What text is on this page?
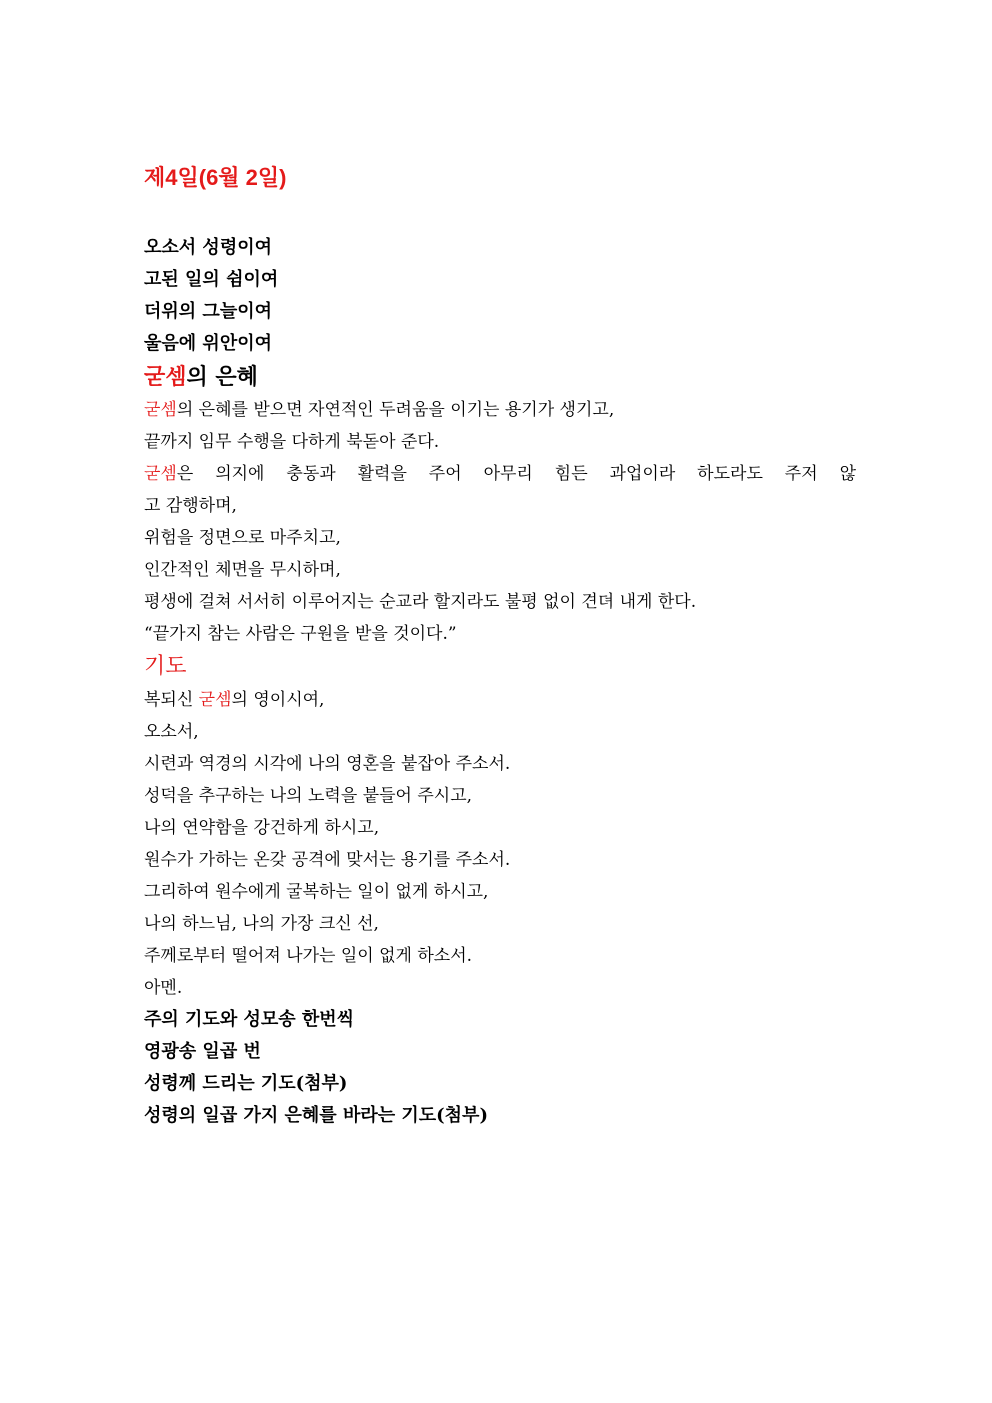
제4일(6월 2일)
오소서 성령이여
고된 일의 쉼이여
더위의 그늘이여
울음에 위안이여
굳셈의 은혜
굳셈의 은혜를 받으면 자연적인 두려움을 이기는 용기가 생기고,
끝까지 임무 수행을 다하게 북돋아 준다.
굳셈은 의지에 충동과 활력을 주어 아무리 힘든 과업이라 하도라도 주저 않
고 감행하며,
위험을 정면으로 마주치고,
인간적인 체면을 무시하며,
평생에 걸쳐 서서히 이루어지는 순교라 할지라도 불평 없이 견뎌 내게 한다.
“끝가지 참는 사람은 구원을 받을 것이다.”
기도
복되신 굳셈의 영이시여,
오소서,
시련과 역경의 시각에 나의 영혼을 붙잡아 주소서.
성덕을 추구하는 나의 노력을 붙들어 주시고,
나의 연약함을 강건하게 하시고,
원수가 가하는 온갖 공격에 맞서는 용기를 주소서.
그리하여 원수에게 굴복하는 일이 없게 하시고,
나의 하느님, 나의 가장 크신 선,
주께로부터 떨어져 나가는 일이 없게 하소서.
아멘.
주의 기도와 성모송 한번씩
영광송 일곱 번
성령께 드리는 기도(첨부)
성령의 일곱 가지 은혜를 바라는 기도(첨부)
